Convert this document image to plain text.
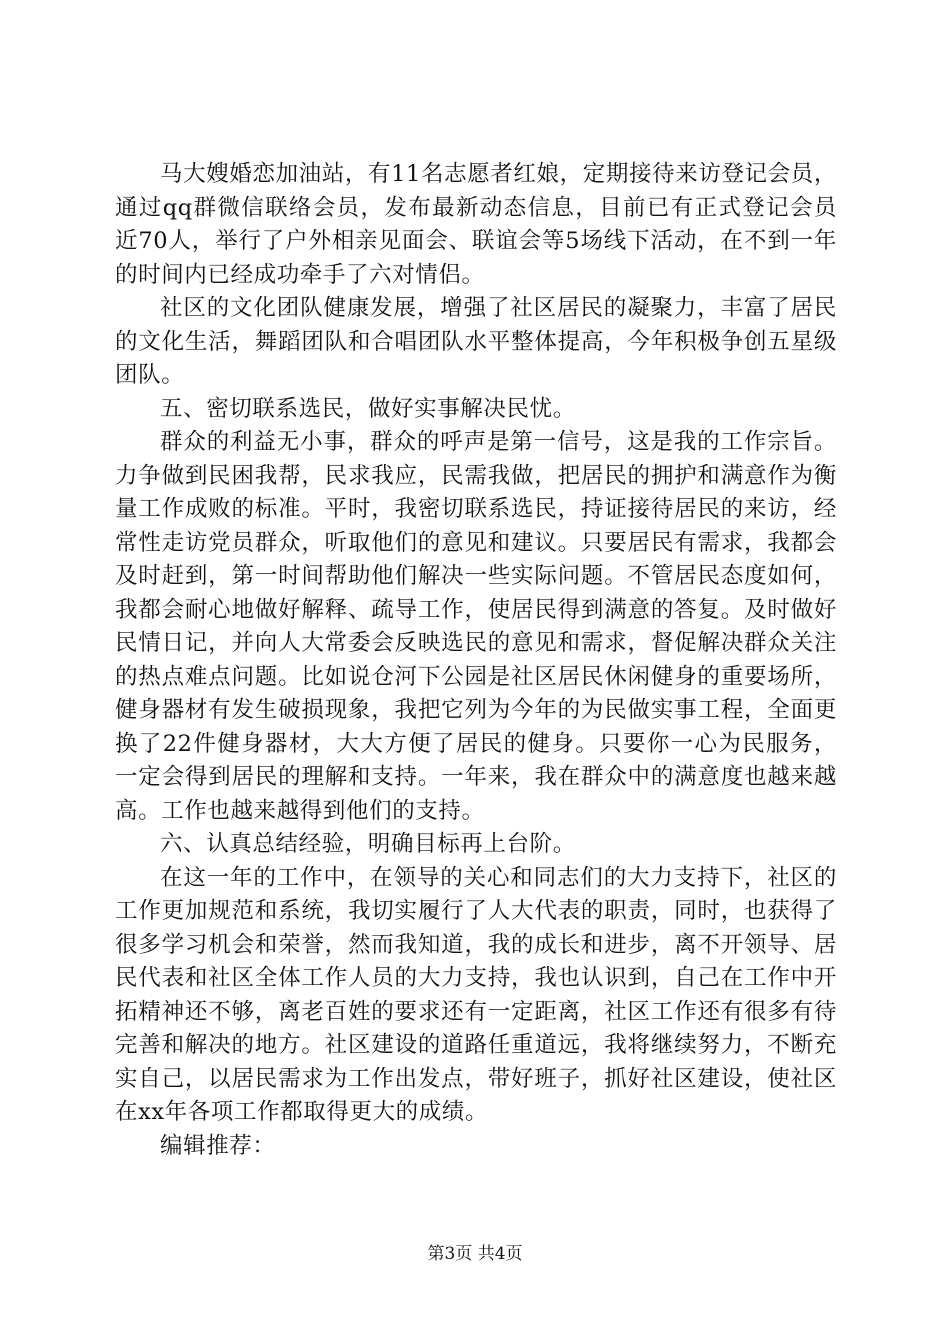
马大嫂婚恋加油站，有11名志愿者红娘，定期接待来访登记会员，通过qq群微信联络会员，发布最新动态信息，目前已有正式登记会员近70人，举行了户外相亲见面会、联谊会等5场线下活动，在不到一年的时间内已经成功牵手了六对情侣。

社区的文化团队健康发展，增强了社区居民的凝聚力，丰富了居民的文化生活，舞蹈团队和合唱团队水平整体提高，今年积极争创五星级团队。

五、密切联系选民，做好实事解决民忧。

群众的利益无小事，群众的呼声是第一信号，这是我的工作宗旨。力争做到民困我帮，民求我应，民需我做，把居民的拥护和满意作为衡量工作成败的标准。平时，我密切联系选民，持证接待居民的来访，经常性走访党员群众，听取他们的意见和建议。只要居民有需求，我都会及时赶到，第一时间帮助他们解决一些实际问题。不管居民态度如何，我都会耐心地做好解释、疏导工作，使居民得到满意的答复。及时做好民情日记，并向人大常委会反映选民的意见和需求，督促解决群众关注的热点难点问题。比如说仓河下公园是社区居民休闲健身的重要场所，健身器材有发生破损现象，我把它列为今年的为民做实事工程，全面更换了22件健身器材，大大方便了居民的健身。只要你一心为民服务，一定会得到居民的理解和支持。一年来，我在群众中的满意度也越来越高。工作也越来越得到他们的支持。

六、认真总结经验，明确目标再上台阶。

在这一年的工作中，在领导的关心和同志们的大力支持下，社区的工作更加规范和系统，我切实履行了人大代表的职责，同时，也获得了很多学习机会和荣誉，然而我知道，我的成长和进步，离不开领导、居民代表和社区全体工作人员的大力支持，我也认识到，自己在工作中开拓精神还不够，离老百姓的要求还有一定距离，社区工作还有很多有待完善和解决的地方。社区建设的道路任重道远，我将继续努力，不断充实自己，以居民需求为工作出发点，带好班子，抓好社区建设，使社区在xx年各项工作都取得更大的成绩。

编辑推荐：

第3页 共4页
